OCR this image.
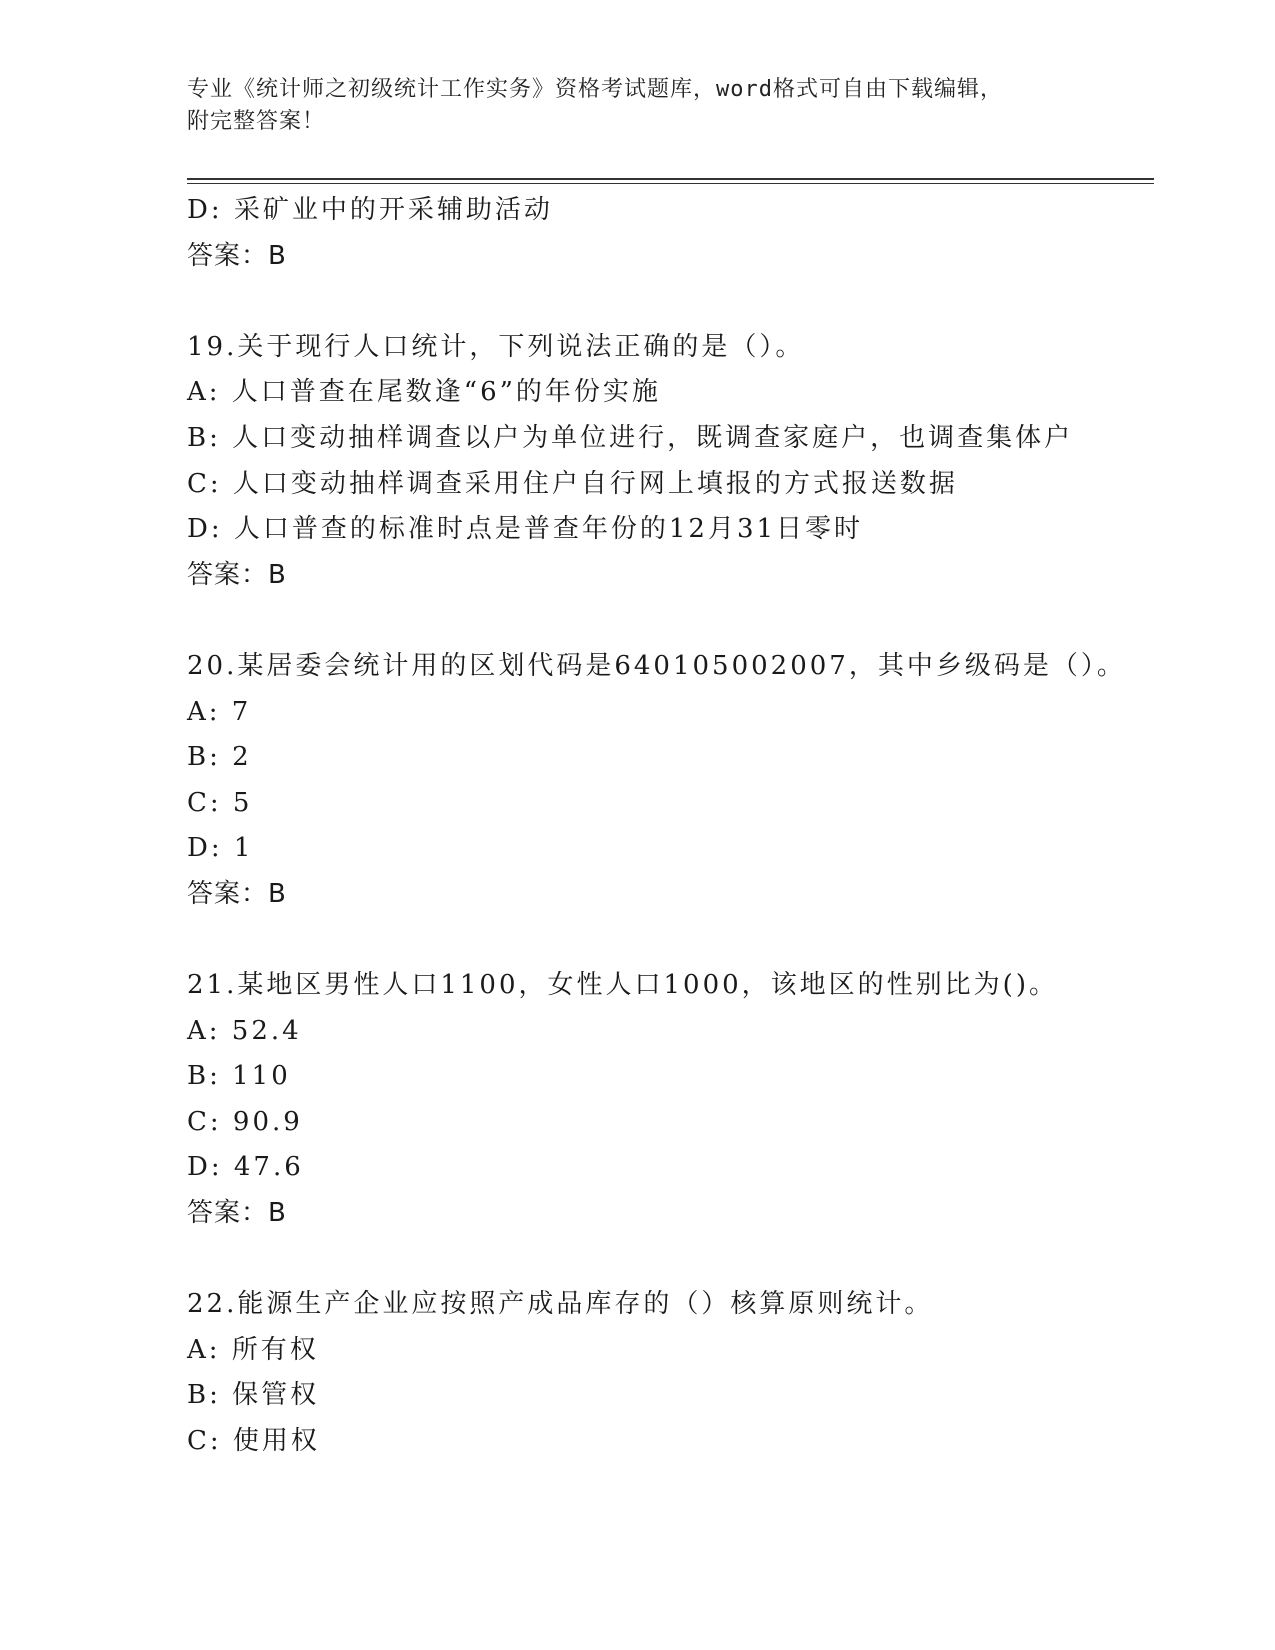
专业《统计师之初级统计工作实务》资格考试题库，word格式可自由下载编辑，
附完整答案！
D: 采矿业中的开采辅助活动
答案：B
19.关于现行人口统计，下列说法正确的是（）。
A: 人口普查在尾数逢“6”的年份实施
B: 人口变动抽样调查以户为单位进行，既调查家庭户，也调查集体户
C: 人口变动抽样调查采用住户自行网上填报的方式报送数据
D: 人口普查的标准时点是普查年份的12月31日零时
答案：B
20.某居委会统计用的区划代码是640105002007，其中乡级码是（）。
A: 7
B: 2
C: 5
D: 1
答案：B
21.某地区男性人口1100，女性人口1000，该地区的性别比为()。
A: 52.4
B: 110
C: 90.9
D: 47.6
答案：B
22.能源生产企业应按照产成品库存的（）核算原则统计。
A: 所有权
B: 保管权
C: 使用权
